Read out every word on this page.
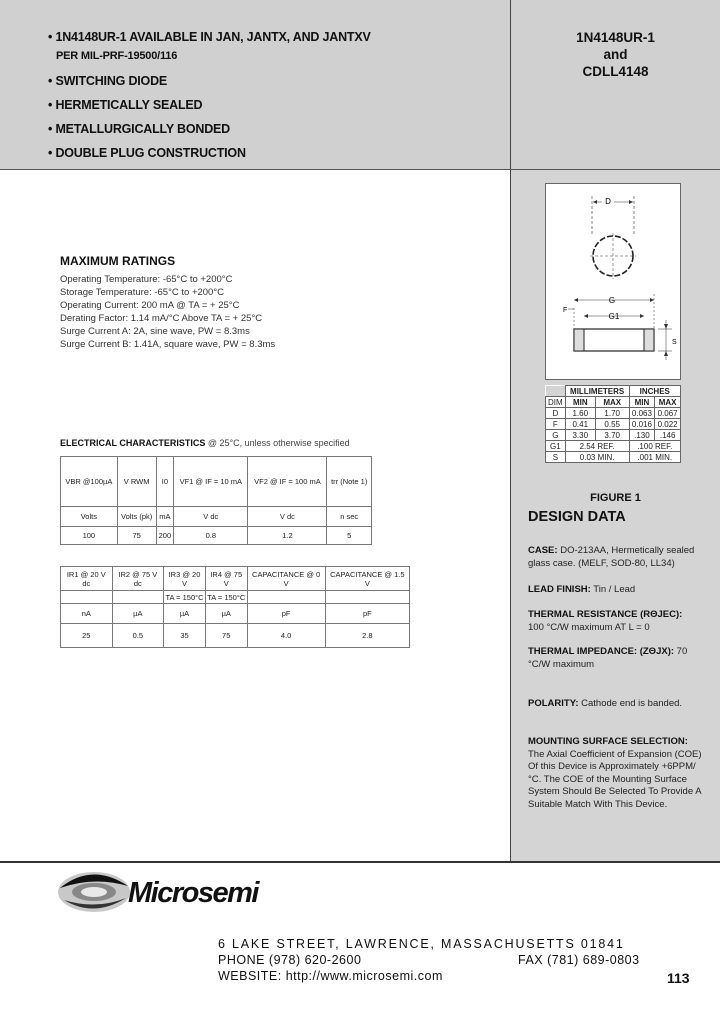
• 1N4148UR-1 AVAILABLE IN JAN, JANTX, AND JANTXV
PER MIL-PRF-19500/116
• SWITCHING DIODE
• HERMETICALLY SEALED
• METALLURGICALLY BONDED
• DOUBLE PLUG CONSTRUCTION
1N4148UR-1
and
CDLL4148
MAXIMUM RATINGS
Operating Temperature: -65°C to +200°C
Storage Temperature: -65°C to +200°C
Operating Current: 200 mA @ TA = + 25°C
Derating Factor: 1.14 mA/°C Above TA = + 25°C
Surge Current A: 2A, sine wave, PW = 8.3ms
Surge Current B: 1.41A, square wave, PW = 8.3ms
ELECTRICAL CHARACTERISTICS @ 25°C, unless otherwise specified
VBR @100µA	V RWM	I0	VF1 @ IF = 10 mA	VF2 @ IF = 100 mA	trr (Note 1)
Volts	Volts (pk)	mA	V dc	V dc	n sec
100	75	200	0.8	1.2	5
IR1 @ 20 V dc	IR2 @ 75 V dc	IR3 @ 20 V	IR4 @ 75 V	CAPACITANCE @ 0 V	CAPACITANCE @ 1.5 V
		TA = 150°C	TA = 150°C		
nA	µA	µA	µA	pF	pF
25	0.5	35	75	4.0	2.8
D
G
G1
F
S
	MILLIMETERS		INCHES	
DIM	MIN	MAX	MIN	MAX
D	1.60	1.70	0.063	0.067
F	0.41	0.55	0.016	0.022
G	3.30	3.70	.130	.146
G1	2.54 REF.		.100 REF.	
S	0.03 MIN.		.001 MIN.	
FIGURE 1
DESIGN DATA
CASE: DO-213AA, Hermetically sealed glass case. (MELF, SOD-80, LL34)
LEAD FINISH: Tin / Lead
THERMAL RESISTANCE (RΘJEC):
100 °C/W maximum AT L = 0
THERMAL IMPEDANCE: (ZΘJX): 70 °C/W maximum
POLARITY: Cathode end is banded.
MOUNTING SURFACE SELECTION:
The Axial Coefficient of Expansion (COE) Of this Device is Approximately +6PPM/°C. The COE of the Mounting Surface System Should Be Selected To Provide A Suitable Match With This Device.
Microsemi
6 LAKE STREET, LAWRENCE, MASSACHUSETTS 01841
PHONE (978) 620-2600	FAX (781) 689-0803
WEBSITE: http://www.microsemi.com	113
